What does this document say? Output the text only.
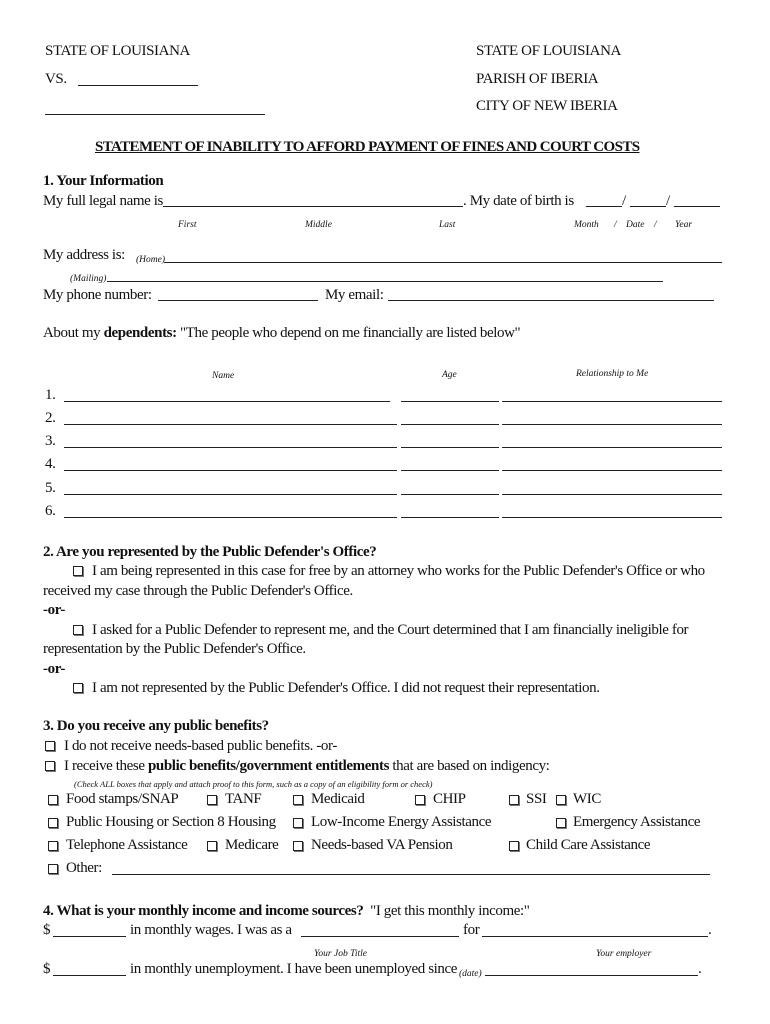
STATE OF LOUISIANA
VS.
STATE OF LOUISIANA
PARISH OF IBERIA
CITY OF NEW IBERIA
STATEMENT OF INABILITY TO AFFORD PAYMENT OF FINES AND COURT COSTS
1. Your Information
My full legal name is	. My date of birth is	/	/
First	Middle	Last	Month / Date / Year
My address is: (Home)
(Mailing)
My phone number:	My email:
About my dependents: "The people who depend on me financially are listed below"
Name	Age	Relationship to Me
1.
2.
3.
4.
5.
6.
2. Are you represented by the Public Defender's Office?
I am being represented in this case for free by an attorney who works for the Public Defender's Office or who
received my case through the Public Defender's Office.
-or-
I asked for a Public Defender to represent me, and the Court determined that I am financially ineligible for
representation by the Public Defender's Office.
-or-
I am not represented by the Public Defender's Office. I did not request their representation.
3. Do you receive any public benefits?
I do not receive needs-based public benefits. -or-
I receive these public benefits/government entitlements that are based on indigency:
(Check ALL boxes that apply and attach proof to this form, such as a copy of an eligibility form or check)
Food stamps/SNAP	TANF	Medicaid	CHIP	SSI WIC
Public Housing or Section 8 Housing Low-Income Energy Assistance	Emergency Assistance
Telephone Assistance	Medicare Needs-based VA Pension	Child Care Assistance
Other:
4. What is your monthly income and income sources? "I get this monthly income:"
$	in monthly wages. I was as a	for	.
Your Job Title	Your employer
$	in monthly unemployment. I have been unemployed since (date)	.
